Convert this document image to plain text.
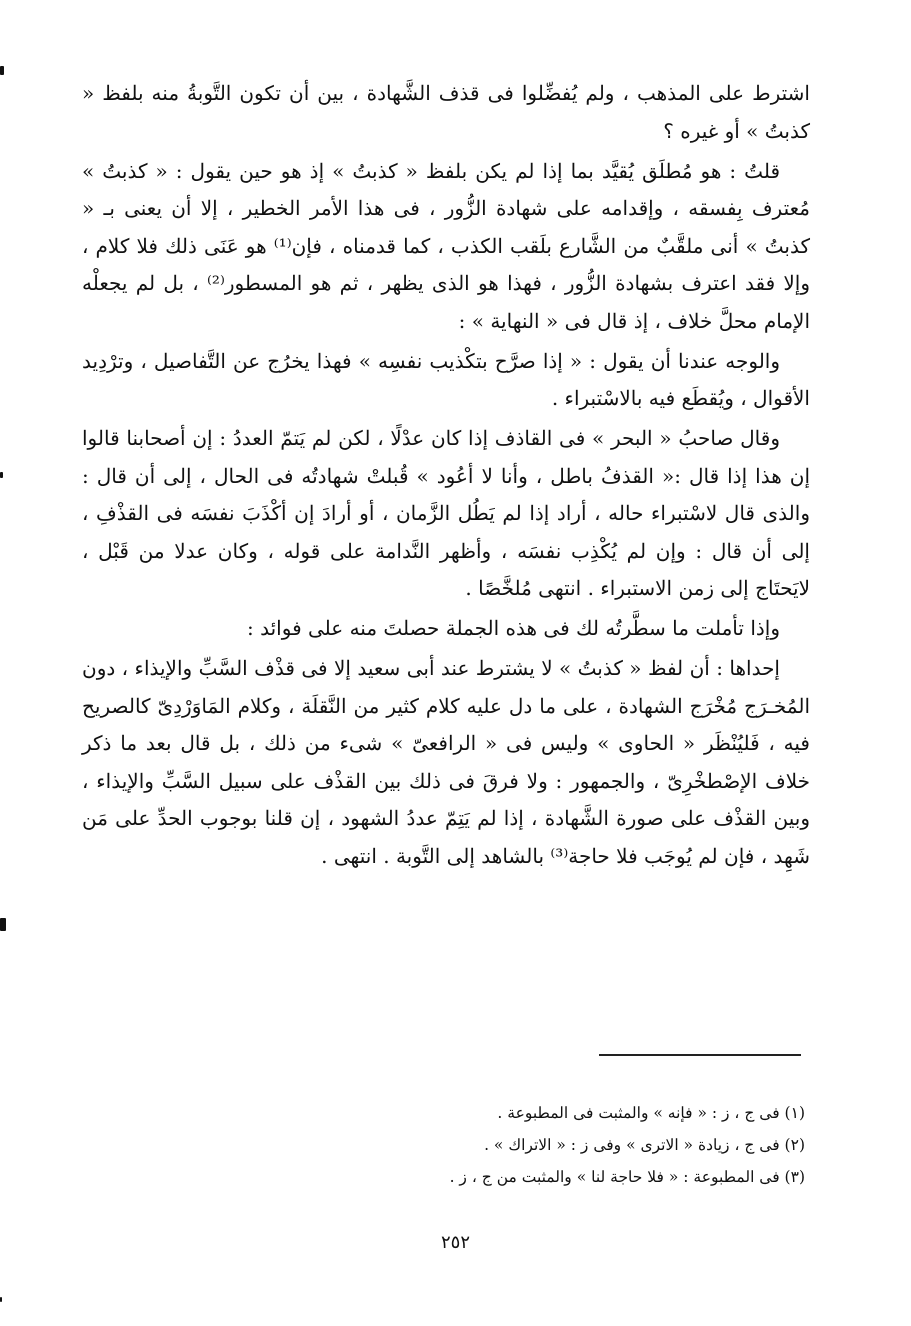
اشترط على المذهب ، ولم يُفضِّلوا فى قذف الشَّهادة ، بين أن تكون التَّوبةُ منه بلفظ « كذبتُ » أو غيره ؟

قلتُ : هو مُطلَق يُقيَّد بما إذا لم يكن بلفظ « كذبتُ » إذ هو حين يقول : « كذبتُ » مُعترف بِفسقه ، وإقدامه على شهادة الزُّور ، فى هذا الأمر الخطير ، إلا أن يعنى بـ « كذبتُ » أنى ملقَّبٌ من الشَّارع بلَقب الكذب ، كما قدمناه ، فإن⁽¹⁾ هو عَنَى ذلك فلا كلام ، وإلا فقد اعترف بشهادة الزُّور ، فهذا هو الذى يظهر ، ثم هو المسطور⁽²⁾ ، بل لم يجعلْه الإمام محلَّ خلاف ، إذ قال فى « النهاية » :

والوجه عندنا أن يقول : « إذا صرَّح بتكْذيب نفسِه » فهذا يخرُج عن التَّفاصيل ، وترْدِيد الأقوال ، ويُقطَع فيه بالاسْتبراء .

وقال صاحبُ « البحر » فى القاذف إذا كان عدْلًا ، لكن لم يَتمّ العددُ : إن أصحابنا قالوا إن هذا إذا قال :« القذفُ باطل ، وأنا لا أعُود » قُبلتْ شهادتُه فى الحال ، إلى أن قال : والذى قال لاسْتبراء حاله ، أراد إذا لم يَطُل الزَّمان ، أو أرادَ إن أكْذَبَ نفسَه فى القذْفِ ، إلى أن قال : وإن لم يُكْذِب نفسَه ، وأظهر النَّدامة على قوله ، وكان عدلا من قَبْل ، لايَحتَاج إلى زمن الاستبراء . انتهى مُلخَّصًا .

وإذا تأملت ما سطَّرتُه لك فى هذه الجملة حصلتَ منه على فوائد :

إحداها : أن لفظ « كذبتُ » لا يشترط عند أبى سعيد إلا فى قذْف السَّبِّ والإيذاء ، دون المُخـرَج مُخْرَج الشهادة ، على ما دل عليه كلام كثير من النَّقلَة ، وكلام المَاوَرْدِىّ كالصريح فيه ، فَليُنْظَر « الحاوى » وليس فى « الرافعىّ » شىء من ذلك ، بل قال بعد ما ذكر خلاف الإصْطخْرِىّ ، والجمهور : ولا فرقَ فى ذلك بين القذْف على سبيل السَّبِّ والإيذاء ، وبين القذْف على صورة الشَّهادة ، إذا لم يَتِمّ عددُ الشهود ، إن قلنا بوجوب الحدِّ على مَن شَهِد ، فإن لم يُوجَب فلا حاجة⁽³⁾ بالشاهد إلى التَّوبة . انتهى .

(١) فى ج ، ز : « فإنه » والمثبت فى المطبوعة .

(٢) فى ج ، زيادة « الاترى » وفى ز : « الاتراك » .

(٣) فى المطبوعة : « فلا حاجة لنا » والمثبت من ج ، ز .

٢٥٢
